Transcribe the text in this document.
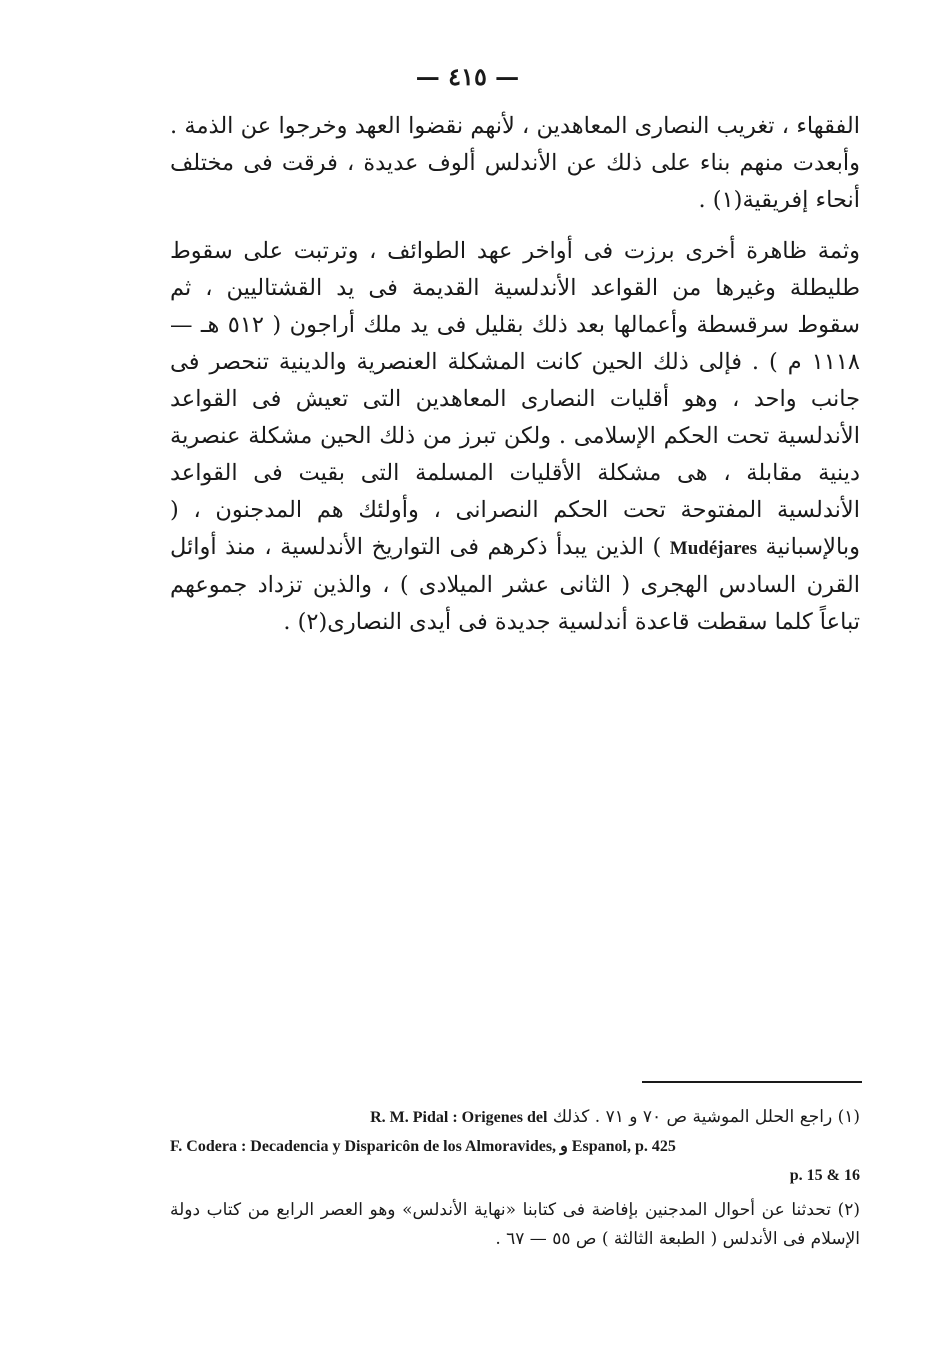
— ٤١٥ —

الفقهاء ، تغريب النصارى المعاهدين ، لأنهم نقضوا العهد وخرجوا عن الذمة . وأبعدت منهم بناء على ذلك عن الأندلس ألوف عديدة ، فرقت فى مختلف أنحاء إفريقية(١) .

وثمة ظاهرة أخرى برزت فى أواخر عهد الطوائف ، وترتبت على سقوط طليطلة وغيرها من القواعد الأندلسية القديمة فى يد القشتاليين ، ثم سقوط سرقسطة وأعمالها بعد ذلك بقليل فى يد ملك أراجون ( ٥١٢ هـ — ١١١٨ م ) . فإلى ذلك الحين كانت المشكلة العنصرية والدينية تنحصر فى جانب واحد ، وهو أقليات النصارى المعاهدين التى تعيش فى القواعد الأندلسية تحت الحكم الإسلامى . ولكن تبرز من ذلك الحين مشكلة عنصرية دينية مقابلة ، هى مشكلة الأقليات المسلمة التى بقيت فى القواعد الأندلسية المفتوحة تحت الحكم النصرانى ، وأولئك هم المدجنون ، ( وبالإسبانية Mudéjares ) الذين يبدأ ذكرهم فى التواريخ الأندلسية ، منذ أوائل القرن السادس الهجرى ( الثانى عشر الميلادى ) ، والذين تزداد جموعهم تباعاً كلما سقطت قاعدة أندلسية جديدة فى أيدى النصارى(٢) .

(١) راجع الحلل الموشية ص ٧٠ و ٧١ . كذلك R. M. Pidal : Origenes del

F. Codera : Decadencia y Disparicôn de los Almoravides, و Espanol, p. 425

p. 15 & 16

(٢) تحدثنا عن أحوال المدجنين بإفاضة فى كتابنا «نهاية الأندلس» وهو العصر الرابع من كتاب دولة الإسلام فى الأندلس ( الطبعة الثالثة ) ص ٥٥ — ٦٧ .
